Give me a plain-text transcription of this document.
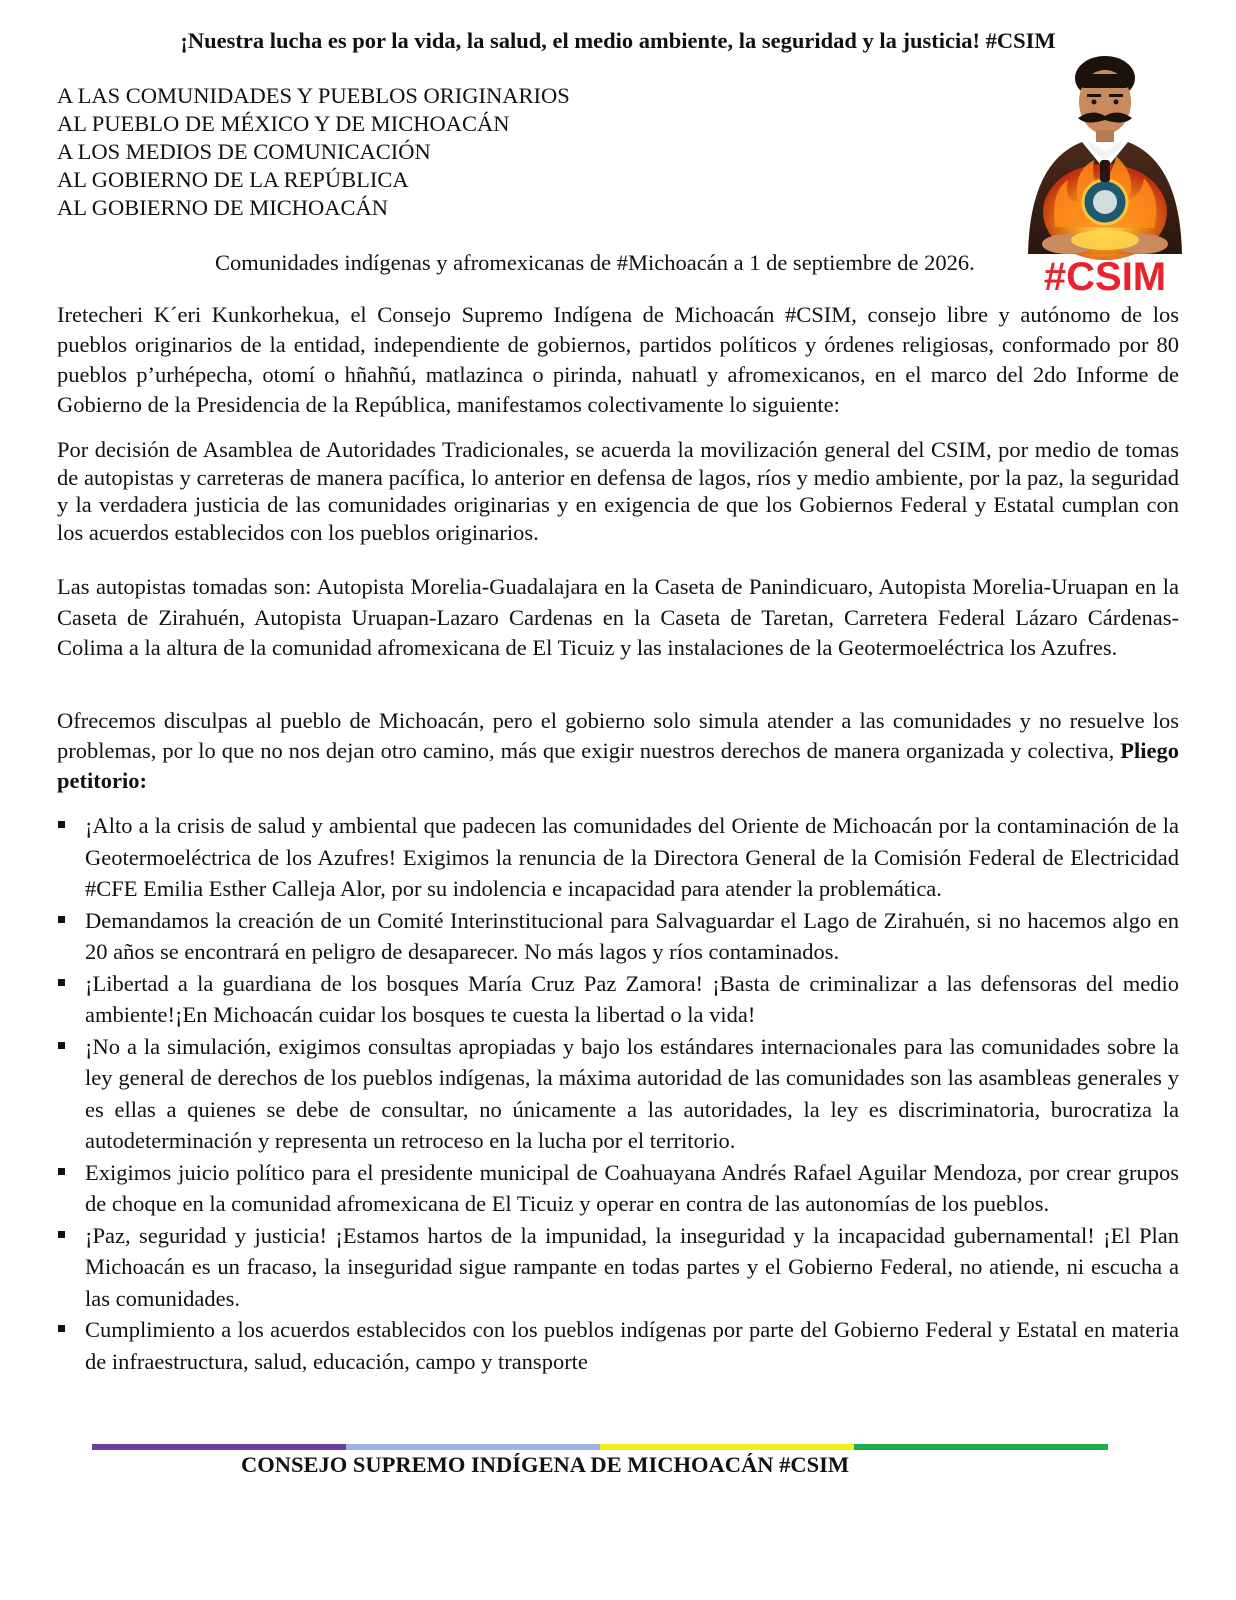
¡Nuestra lucha es por la vida, la salud, el medio ambiente, la seguridad y la justicia! #CSIM
A LAS COMUNIDADES Y PUEBLOS ORIGINARIOS
AL PUEBLO DE MÉXICO Y DE MICHOACÁN
A LOS MEDIOS DE COMUNICACIÓN
AL GOBIERNO DE LA REPÚBLICA
AL GOBIERNO DE MICHOACÁN
Comunidades indígenas y afromexicanas de #Michoacán a 1 de septiembre de 2026.	#CSIM

Iretecheri K´eri Kunkorhekua, el Consejo Supremo Indígena de Michoacán #CSIM, consejo libre y autónomo de los pueblos originarios de la entidad, independiente de gobiernos, partidos políticos y órdenes religiosas, conformado por 80 pueblos p’urhépecha, otomí o hñahñú, matlazinca o pirinda, nahuatl y afromexicanos, en el marco del 2do Informe de Gobierno de la Presidencia de la República, manifestamos colectivamente lo siguiente:

Por decisión de Asamblea de Autoridades Tradicionales, se acuerda la movilización general del CSIM, por medio de tomas de autopistas y carreteras de manera pacífica, lo anterior en defensa de lagos, ríos y medio ambiente, por la paz, la seguridad y la verdadera justicia de las comunidades originarias y en exigencia de que los Gobiernos Federal y Estatal cumplan con los acuerdos establecidos con los pueblos originarios.

Las autopistas tomadas son: Autopista Morelia-Guadalajara en la Caseta de Panindicuaro, Autopista Morelia-Uruapan en la Caseta de Zirahuén, Autopista Uruapan-Lazaro Cardenas en la Caseta de Taretan, Carretera Federal Lázaro Cárdenas-Colima a la altura de la comunidad afromexicana de El Ticuiz y las instalaciones de la Geotermoeléctrica los Azufres.

Ofrecemos disculpas al pueblo de Michoacán, pero el gobierno solo simula atender a las comunidades y no resuelve los problemas, por lo que no nos dejan otro camino, más que exigir nuestros derechos de manera organizada y colectiva, Pliego petitorio:

¡Alto a la crisis de salud y ambiental que padecen las comunidades del Oriente de Michoacán por la contaminación de la Geotermoeléctrica de los Azufres! Exigimos la renuncia de la Directora General de la Comisión Federal de Electricidad #CFE Emilia Esther Calleja Alor, por su indolencia e incapacidad para atender la problemática.
Demandamos la creación de un Comité Interinstitucional para Salvaguardar el Lago de Zirahuén, si no hacemos algo en 20 años se encontrará en peligro de desaparecer. No más lagos y ríos contaminados.
¡Libertad a la guardiana de los bosques María Cruz Paz Zamora! ¡Basta de criminalizar a las defensoras del medio ambiente!¡En Michoacán cuidar los bosques te cuesta la libertad o la vida!
¡No a la simulación, exigimos consultas apropiadas y bajo los estándares internacionales para las comunidades sobre la ley general de derechos de los pueblos indígenas, la máxima autoridad de las comunidades son las asambleas generales y es ellas a quienes se debe de consultar, no únicamente a las autoridades, la ley es discriminatoria, burocratiza la autodeterminación y representa un retroceso en la lucha por el territorio.
Exigimos juicio político para el presidente municipal de Coahuayana Andrés Rafael Aguilar Mendoza, por crear grupos de choque en la comunidad afromexicana de El Ticuiz y operar en contra de las autonomías de los pueblos.
¡Paz, seguridad y justicia! ¡Estamos hartos de la impunidad, la inseguridad y la incapacidad gubernamental! ¡El Plan Michoacán es un fracaso, la inseguridad sigue rampante en todas partes y el Gobierno Federal, no atiende, ni escucha a las comunidades.
Cumplimiento a los acuerdos establecidos con los pueblos indígenas por parte del Gobierno Federal y Estatal en materia de infraestructura, salud, educación, campo y transporte
CONSEJO SUPREMO INDÍGENA DE MICHOACÁN #CSIM
